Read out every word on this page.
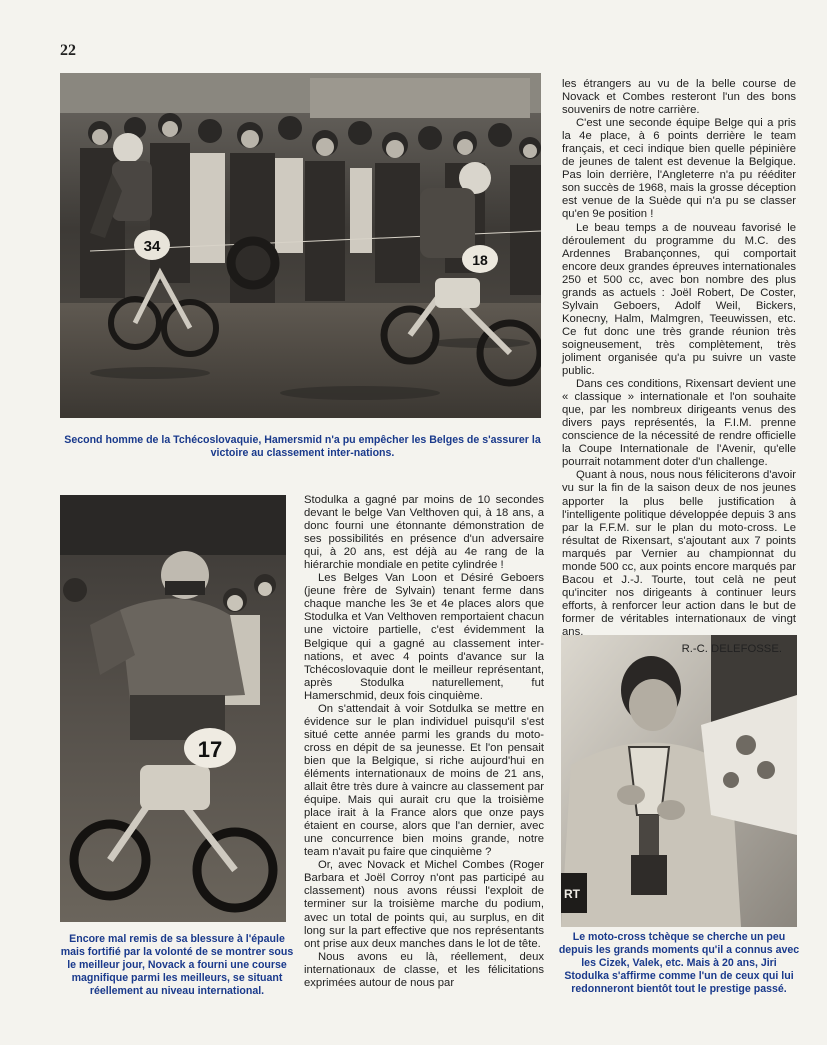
22
34
18
Second homme de la Tchécoslovaquie, Hamersmid n'a pu empêcher les Belges de s'assurer la victoire au classement inter-nations.
17
Encore mal remis de sa blessure à l'épaule mais fortifié par la volonté de se montrer sous le meilleur jour, Novack a fourni une course magnifique parmi les meilleurs, se situant réellement au niveau international.
RT
Le moto-cross tchèque se cherche un peu depuis les grands moments qu'il a connus avec les Cizek, Valek, etc. Mais à 20 ans, Jiri Stodulka s'affirme comme l'un de ceux qui lui redonneront bientôt tout le prestige passé.

Stodulka a gagné par moins de 10 secondes devant le belge Van Velthoven qui, à 18 ans, a donc fourni une étonnante démonstration de ses possibilités en présence d'un adversaire qui, à 20 ans, est déjà au 4e rang de la hiérarchie mondiale en petite cylindrée !

Les Belges Van Loon et Désiré Geboers (jeune frère de Sylvain) tenant ferme dans chaque manche les 3e et 4e places alors que Stodulka et Van Velthoven remportaient chacun une victoire partielle, c'est évidemment la Belgique qui a gagné au classement inter-nations, et avec 4 points d'avance sur la Tchécoslovaquie dont le meilleur représentant, après Stodulka naturellement, fut Hamerschmid, deux fois cinquième.

On s'attendait à voir Sotdulka se mettre en évidence sur le plan individuel puisqu'il s'est situé cette année parmi les grands du moto-cross en dépit de sa jeunesse. Et l'on pensait bien que la Belgique, si riche aujourd'hui en éléments internationaux de moins de 21 ans, allait être très dure à vaincre au classement par équipe. Mais qui aurait cru que la troisième place irait à la France alors que onze pays étaient en course, alors que l'an dernier, avec une concurrence bien moins grande, notre team n'avait pu faire que cinquième ?

Or, avec Novack et Michel Combes (Roger Barbara et Joël Corroy n'ont pas participé au classement) nous avons réussi l'exploit de terminer sur la troisième marche du podium, avec un total de points qui, au surplus, en dit long sur la part effective que nos représentants ont prise aux deux manches dans le lot de tête.

Nous avons eu là, réellement, deux internationaux de classe, et les félicitations exprimées autour de nous par

les étrangers au vu de la belle course de Novack et Combes resteront l'un des bons souvenirs de notre carrière.

C'est une seconde équipe Belge qui a pris la 4e place, à 6 points derrière le team français, et ceci indique bien quelle pépinière de jeunes de talent est devenue la Belgique. Pas loin derrière, l'Angleterre n'a pu rééditer son succès de 1968, mais la grosse déception est venue de la Suède qui n'a pu se classer qu'en 9e position !

Le beau temps a de nouveau favorisé le déroulement du programme du M.C. des Ardennes Brabançonnes, qui comportait encore deux grandes épreuves internationales 250 et 500 cc, avec bon nombre des plus grands as actuels : Joël Robert, De Coster, Sylvain Geboers, Adolf Weil, Bickers, Konecny, Halm, Malmgren, Teeuwissen, etc. Ce fut donc une très grande réunion très soigneusement, très complètement, très joliment organisée qu'a pu suivre un vaste public.

Dans ces conditions, Rixensart devient une « classique » internationale et l'on souhaite que, par les nombreux dirigeants venus des divers pays représentés, la F.I.M. prenne conscience de la nécessité de rendre officielle la Coupe Internationale de l'Avenir, qu'elle pourrait notamment doter d'un challenge.

Quant à nous, nous nous féliciterons d'avoir vu sur la fin de la saison deux de nos jeunes apporter la plus belle justification à l'intelligente politique développée depuis 3 ans par la F.F.M. sur le plan du moto-cross. Le résultat de Rixensart, s'ajoutant aux 7 points marqués par Vernier au championnat du monde 500 cc, aux points encore marqués par Bacou et J.-J. Tourte, tout celà ne peut qu'inciter nos dirigeants à continuer leurs efforts, à renforcer leur action dans le but de former de véritables internationaux de vingt ans.

R.-C. DELEFOSSE.
